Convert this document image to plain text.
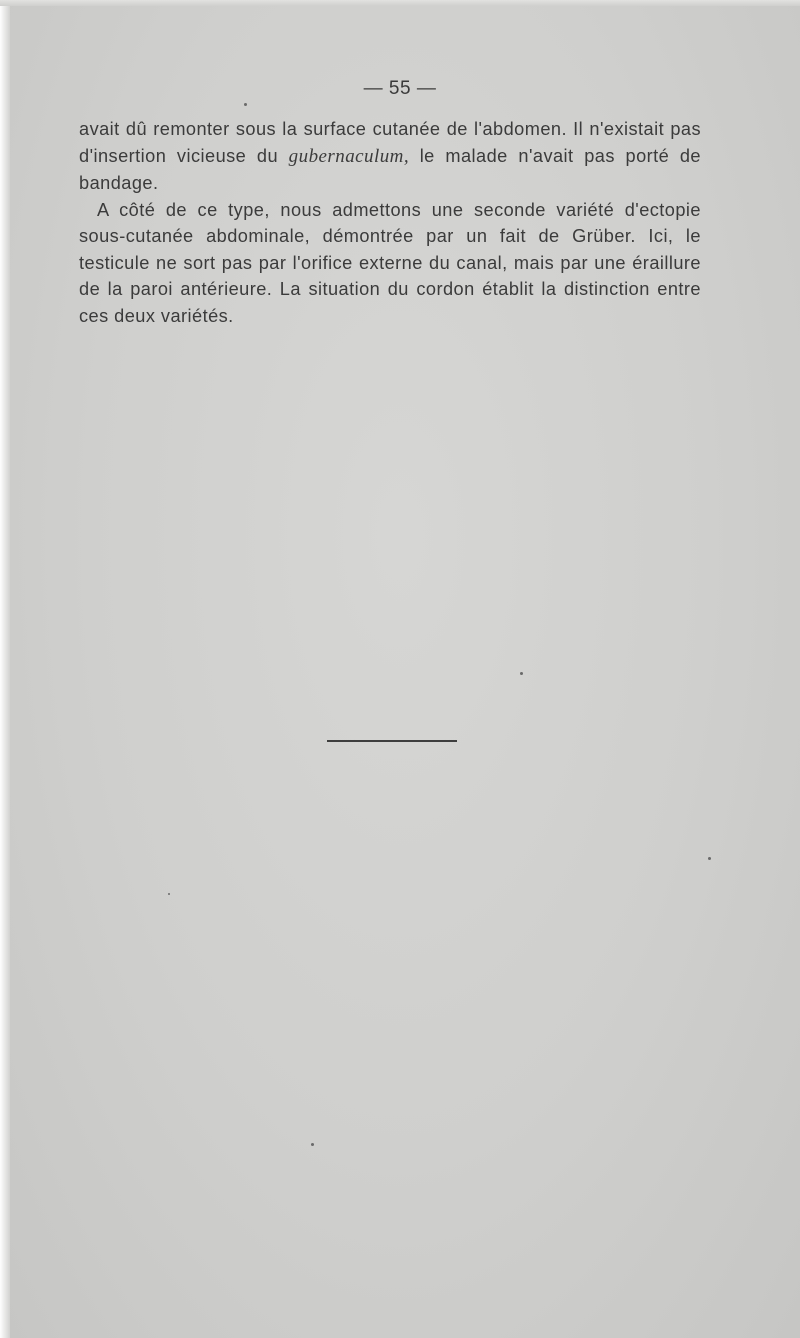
— 55 —

avait dû remonter sous la surface cutanée de l'abdomen. Il n'existait pas d'insertion vicieuse du gubernaculum, le malade n'avait pas porté de bandage.

A côté de ce type, nous admettons une seconde variété d'ectopie sous-cutanée abdominale, démontrée par un fait de Grüber. Ici, le testicule ne sort pas par l'orifice externe du canal, mais par une éraillure de la paroi antérieure. La situation du cordon établit la distinction entre ces deux variétés.
